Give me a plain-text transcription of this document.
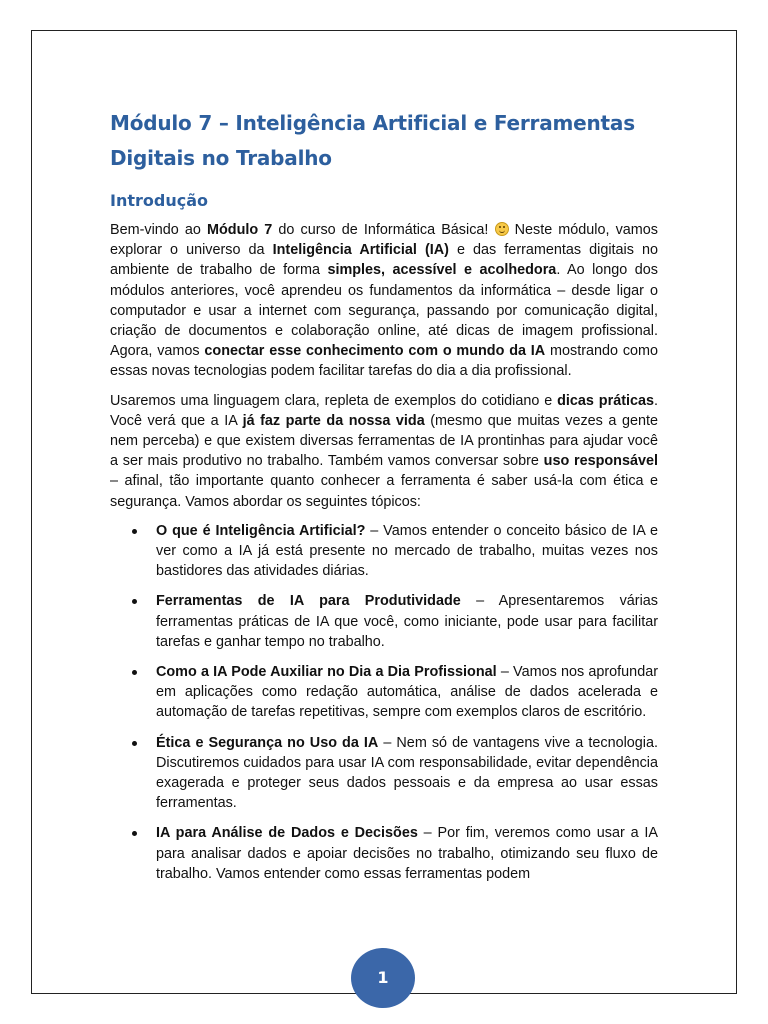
Módulo 7 – Inteligência Artificial e Ferramentas Digitais no Trabalho
Introdução

Bem-vindo ao Módulo 7 do curso de Informática Básica!  Neste módulo, vamos explorar o universo da Inteligência Artificial (IA) e das ferramentas digitais no ambiente de trabalho de forma simples, acessível e acolhedora. Ao longo dos módulos anteriores, você aprendeu os fundamentos da informática – desde ligar o computador e usar a internet com segurança, passando por comunicação digital, criação de documentos e colaboração online, até dicas de imagem profissional. Agora, vamos conectar esse conhecimento com o mundo da IA mostrando como essas novas tecnologias podem facilitar tarefas do dia a dia profissional.

Usaremos uma linguagem clara, repleta de exemplos do cotidiano e dicas práticas. Você verá que a IA já faz parte da nossa vida (mesmo que muitas vezes a gente nem perceba) e que existem diversas ferramentas de IA prontinhas para ajudar você a ser mais produtivo no trabalho. Também vamos conversar sobre uso responsável – afinal, tão importante quanto conhecer a ferramenta é saber usá-la com ética e segurança. Vamos abordar os seguintes tópicos:

O que é Inteligência Artificial? – Vamos entender o conceito básico de IA e ver como a IA já está presente no mercado de trabalho, muitas vezes nos bastidores das atividades diárias.
Ferramentas de IA para Produtividade – Apresentaremos várias ferramentas práticas de IA que você, como iniciante, pode usar para facilitar tarefas e ganhar tempo no trabalho.
Como a IA Pode Auxiliar no Dia a Dia Profissional – Vamos nos aprofundar em aplicações como redação automática, análise de dados acelerada e automação de tarefas repetitivas, sempre com exemplos claros de escritório.
Ética e Segurança no Uso da IA – Nem só de vantagens vive a tecnologia. Discutiremos cuidados para usar IA com responsabilidade, evitar dependência exagerada e proteger seus dados pessoais e da empresa ao usar essas ferramentas.
IA para Análise de Dados e Decisões – Por fim, veremos como usar a IA para analisar dados e apoiar decisões no trabalho, otimizando seu fluxo de trabalho. Vamos entender como essas ferramentas podem
1
